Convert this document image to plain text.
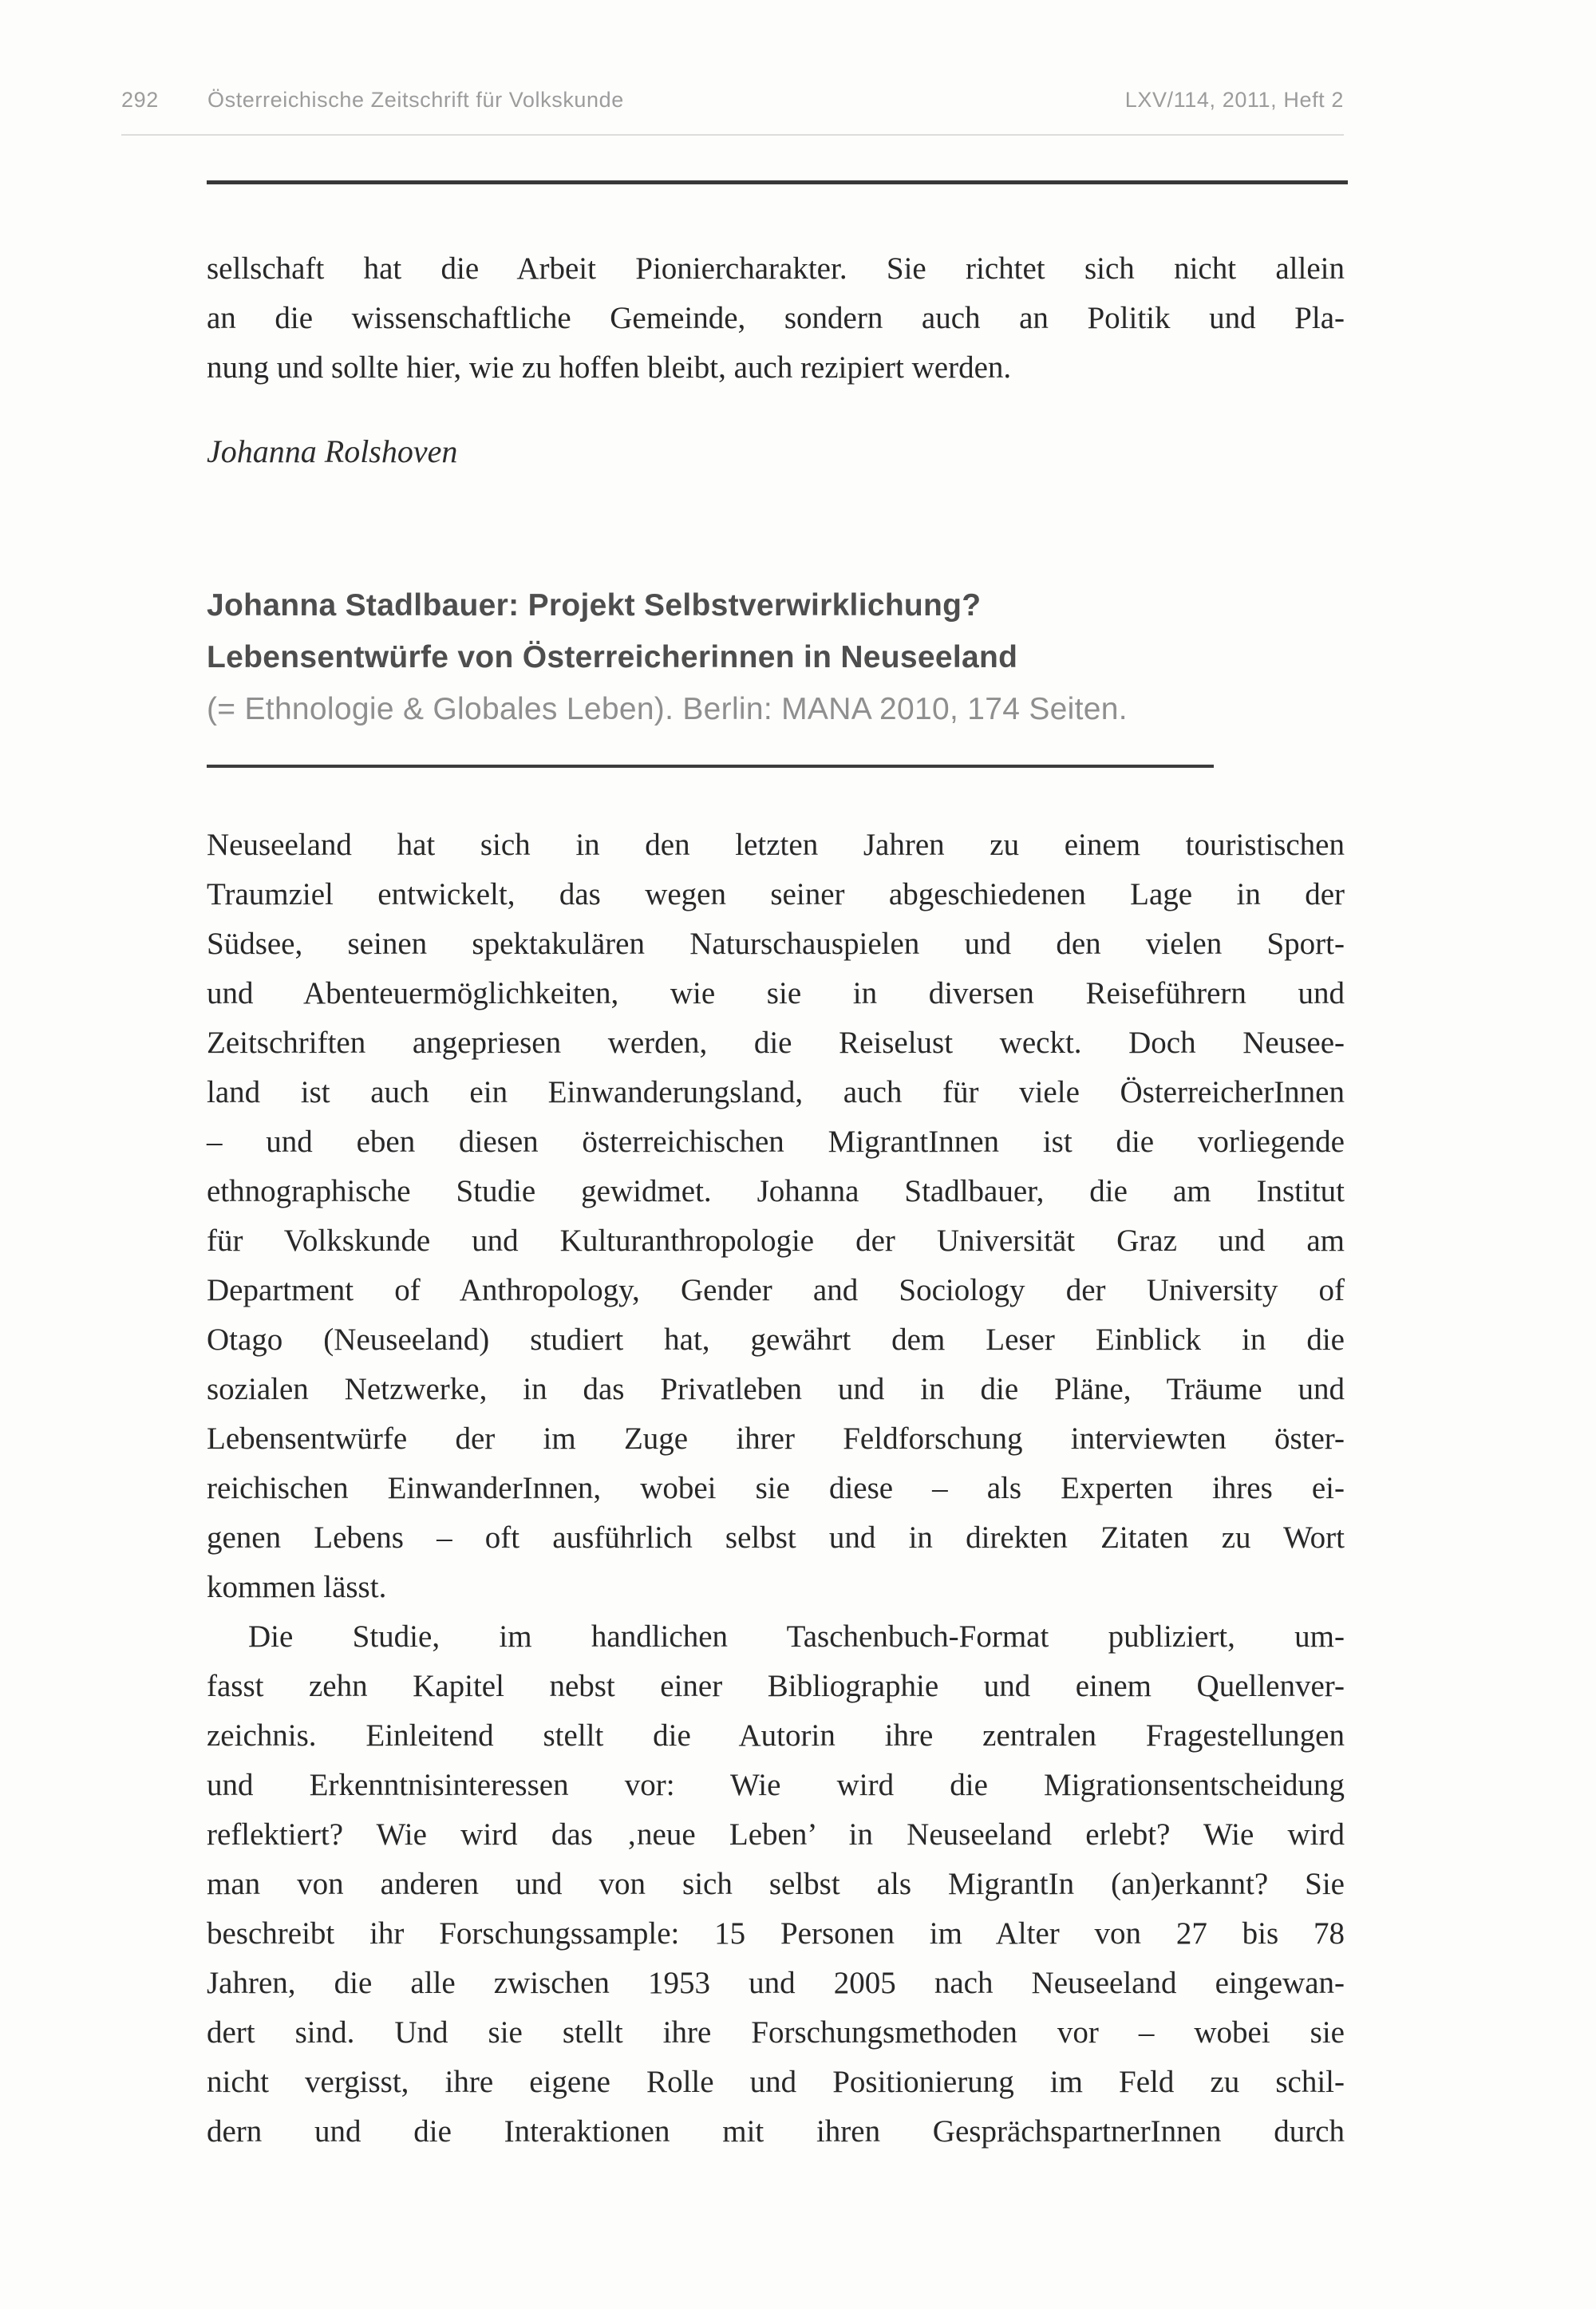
292	Österreichische Zeitschrift für Volkskunde	LXV/114, 2011, Heft 2
sellschaft hat die Arbeit Pioniercharakter. Sie richtet sich nicht allein
an die wissenschaftliche Gemeinde, sondern auch an Politik und Pla-
nung und sollte hier, wie zu hoffen bleibt, auch rezipiert werden.
Johanna Rolshoven
Johanna Stadlbauer: Projekt Selbstverwirklichung?
Lebensentwürfe von Österreicherinnen in Neuseeland
(= Ethnologie & Globales Leben). Berlin: MANA 2010, 174 Seiten.
Neuseeland hat sich in den letzten Jahren zu einem touristischen
Traumziel entwickelt, das wegen seiner abgeschiedenen Lage in der
Südsee, seinen spektakulären Naturschauspielen und den vielen Sport-
und Abenteuermöglichkeiten, wie sie in diversen Reiseführern und
Zeitschriften angepriesen werden, die Reiselust weckt. Doch Neusee-
land ist auch ein Einwanderungsland, auch für viele ÖsterreicherInnen
– und eben diesen österreichischen MigrantInnen ist die vorliegende
ethnographische Studie gewidmet. Johanna Stadlbauer, die am Institut
für Volkskunde und Kulturanthropologie der Universität Graz und am
Department of Anthropology, Gender and Sociology der University of
Otago (Neuseeland) studiert hat, gewährt dem Leser Einblick in die
sozialen Netzwerke, in das Privatleben und in die Pläne, Träume und
Lebensentwürfe der im Zuge ihrer Feldforschung interviewten öster-
reichischen EinwanderInnen, wobei sie diese – als Experten ihres ei-
genen Lebens – oft ausführlich selbst und in direkten Zitaten zu Wort
kommen lässt.
Die Studie, im handlichen Taschenbuch-Format publiziert, um-
fasst zehn Kapitel nebst einer Bibliographie und einem Quellenver-
zeichnis. Einleitend stellt die Autorin ihre zentralen Fragestellungen
und Erkenntnisinteressen vor: Wie wird die Migrationsentscheidung
reflektiert? Wie wird das ‚neue Leben’ in Neuseeland erlebt? Wie wird
man von anderen und von sich selbst als MigrantIn (an)erkannt? Sie
beschreibt ihr Forschungssample: 15 Personen im Alter von 27 bis 78
Jahren, die alle zwischen 1953 und 2005 nach Neuseeland eingewan-
dert sind. Und sie stellt ihre Forschungsmethoden vor – wobei sie
nicht vergisst, ihre eigene Rolle und Positionierung im Feld zu schil-
dern und die Interaktionen mit ihren GesprächspartnerInnen durch
